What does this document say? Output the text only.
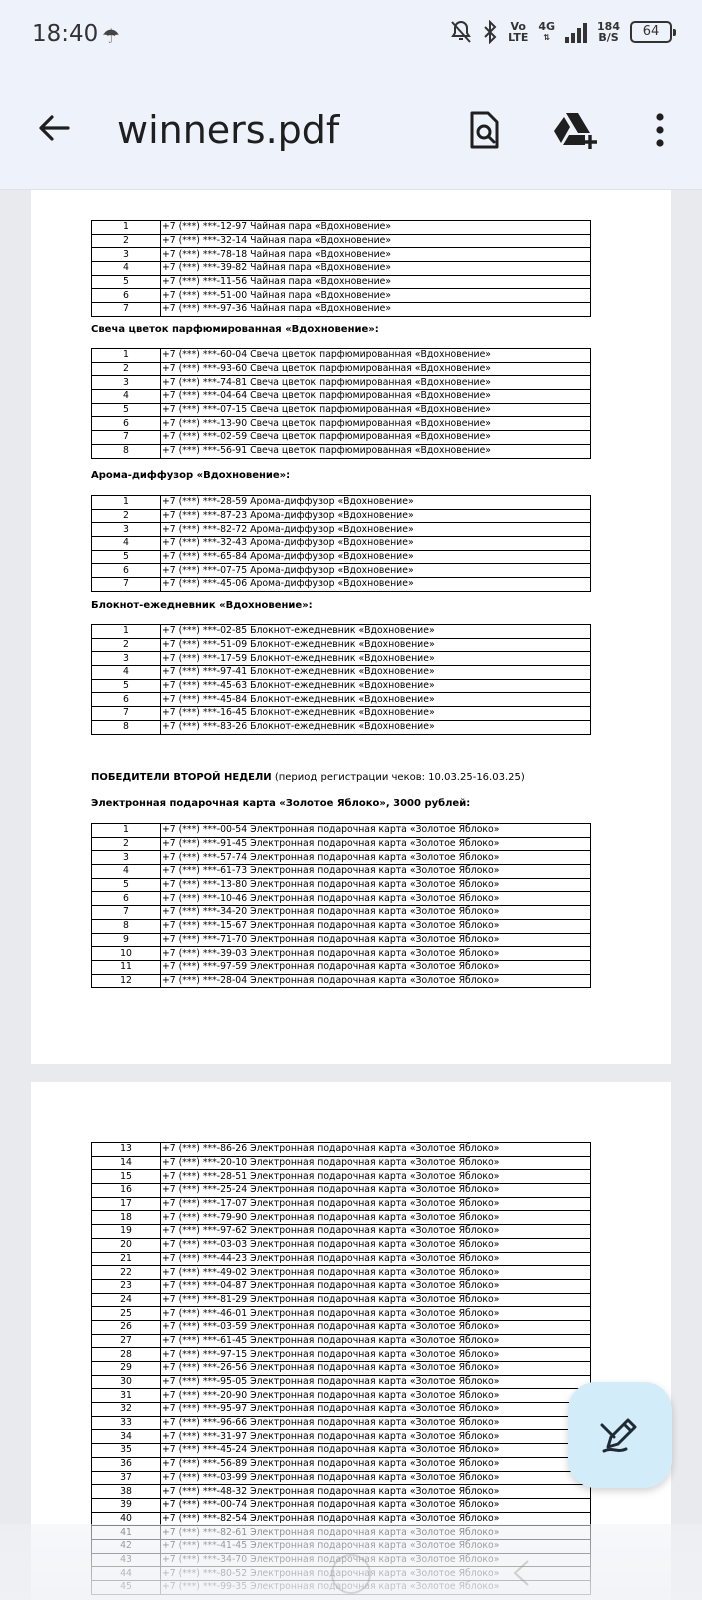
18:40 ☂	Vo
LTE
4G
⇅
184
B/S	64
winners.pdf
1	+7 (***) ***-12-97 Чайная пара «Вдохновение»
2	+7 (***) ***-32-14 Чайная пара «Вдохновение»
3	+7 (***) ***-78-18 Чайная пара «Вдохновение»
4	+7 (***) ***-39-82 Чайная пара «Вдохновение»
5	+7 (***) ***-11-56 Чайная пара «Вдохновение»
6	+7 (***) ***-51-00 Чайная пара «Вдохновение»
7	+7 (***) ***-97-36 Чайная пара «Вдохновение»
Свеча цветок парфюмированная «Вдохновение»:
1	+7 (***) ***-60-04 Свеча цветок парфюмированная «Вдохновение»
2	+7 (***) ***-93-60 Свеча цветок парфюмированная «Вдохновение»
3	+7 (***) ***-74-81 Свеча цветок парфюмированная «Вдохновение»
4	+7 (***) ***-04-64 Свеча цветок парфюмированная «Вдохновение»
5	+7 (***) ***-07-15 Свеча цветок парфюмированная «Вдохновение»
6	+7 (***) ***-13-90 Свеча цветок парфюмированная «Вдохновение»
7	+7 (***) ***-02-59 Свеча цветок парфюмированная «Вдохновение»
8	+7 (***) ***-56-91 Свеча цветок парфюмированная «Вдохновение»
Арома-диффузор «Вдохновение»:
1	+7 (***) ***-28-59 Арома-диффузор «Вдохновение»
2	+7 (***) ***-87-23 Арома-диффузор «Вдохновение»
3	+7 (***) ***-82-72 Арома-диффузор «Вдохновение»
4	+7 (***) ***-32-43 Арома-диффузор «Вдохновение»
5	+7 (***) ***-65-84 Арома-диффузор «Вдохновение»
6	+7 (***) ***-07-75 Арома-диффузор «Вдохновение»
7	+7 (***) ***-45-06 Арома-диффузор «Вдохновение»
Блокнот-ежедневник «Вдохновение»:
1	+7 (***) ***-02-85 Блокнот-ежедневник «Вдохновение»
2	+7 (***) ***-51-09 Блокнот-ежедневник «Вдохновение»
3	+7 (***) ***-17-59 Блокнот-ежедневник «Вдохновение»
4	+7 (***) ***-97-41 Блокнот-ежедневник «Вдохновение»
5	+7 (***) ***-45-63 Блокнот-ежедневник «Вдохновение»
6	+7 (***) ***-45-84 Блокнот-ежедневник «Вдохновение»
7	+7 (***) ***-16-45 Блокнот-ежедневник «Вдохновение»
8	+7 (***) ***-83-26 Блокнот-ежедневник «Вдохновение»
ПОБЕДИТЕЛИ ВТОРОЙ НЕДЕЛИ (период регистрации чеков: 10.03.25-16.03.25)
Электронная подарочная карта «Золотое Яблоко», 3000 рублей:
1	+7 (***) ***-00-54 Электронная подарочная карта «Золотое Яблоко»
2	+7 (***) ***-91-45 Электронная подарочная карта «Золотое Яблоко»
3	+7 (***) ***-57-74 Электронная подарочная карта «Золотое Яблоко»
4	+7 (***) ***-61-73 Электронная подарочная карта «Золотое Яблоко»
5	+7 (***) ***-13-80 Электронная подарочная карта «Золотое Яблоко»
6	+7 (***) ***-10-46 Электронная подарочная карта «Золотое Яблоко»
7	+7 (***) ***-34-20 Электронная подарочная карта «Золотое Яблоко»
8	+7 (***) ***-15-67 Электронная подарочная карта «Золотое Яблоко»
9	+7 (***) ***-71-70 Электронная подарочная карта «Золотое Яблоко»
10	+7 (***) ***-39-03 Электронная подарочная карта «Золотое Яблоко»
11	+7 (***) ***-97-59 Электронная подарочная карта «Золотое Яблоко»
12	+7 (***) ***-28-04 Электронная подарочная карта «Золотое Яблоко»
13	+7 (***) ***-86-26 Электронная подарочная карта «Золотое Яблоко»
14	+7 (***) ***-20-10 Электронная подарочная карта «Золотое Яблоко»
15	+7 (***) ***-28-51 Электронная подарочная карта «Золотое Яблоко»
16	+7 (***) ***-25-24 Электронная подарочная карта «Золотое Яблоко»
17	+7 (***) ***-17-07 Электронная подарочная карта «Золотое Яблоко»
18	+7 (***) ***-79-90 Электронная подарочная карта «Золотое Яблоко»
19	+7 (***) ***-97-62 Электронная подарочная карта «Золотое Яблоко»
20	+7 (***) ***-03-03 Электронная подарочная карта «Золотое Яблоко»
21	+7 (***) ***-44-23 Электронная подарочная карта «Золотое Яблоко»
22	+7 (***) ***-49-02 Электронная подарочная карта «Золотое Яблоко»
23	+7 (***) ***-04-87 Электронная подарочная карта «Золотое Яблоко»
24	+7 (***) ***-81-29 Электронная подарочная карта «Золотое Яблоко»
25	+7 (***) ***-46-01 Электронная подарочная карта «Золотое Яблоко»
26	+7 (***) ***-03-59 Электронная подарочная карта «Золотое Яблоко»
27	+7 (***) ***-61-45 Электронная подарочная карта «Золотое Яблоко»
28	+7 (***) ***-97-15 Электронная подарочная карта «Золотое Яблоко»
29	+7 (***) ***-26-56 Электронная подарочная карта «Золотое Яблоко»
30	+7 (***) ***-95-05 Электронная подарочная карта «Золотое Яблоко»
31	+7 (***) ***-20-90 Электронная подарочная карта «Золотое Яблоко»
32	+7 (***) ***-95-97 Электронная подарочная карта «Золотое Яблоко»
33	+7 (***) ***-96-66 Электронная подарочная карта «Золотое Яблоко»
34	+7 (***) ***-31-97 Электронная подарочная карта «Золотое Яблоко»
35	+7 (***) ***-45-24 Электронная подарочная карта «Золотое Яблоко»
36	+7 (***) ***-56-89 Электронная подарочная карта «Золотое Яблоко»
37	+7 (***) ***-03-99 Электронная подарочная карта «Золотое Яблоко»
38	+7 (***) ***-48-32 Электронная подарочная карта «Золотое Яблоко»
39	+7 (***) ***-00-74 Электронная подарочная карта «Золотое Яблоко»
40	+7 (***) ***-82-54 Электронная подарочная карта «Золотое Яблоко»
